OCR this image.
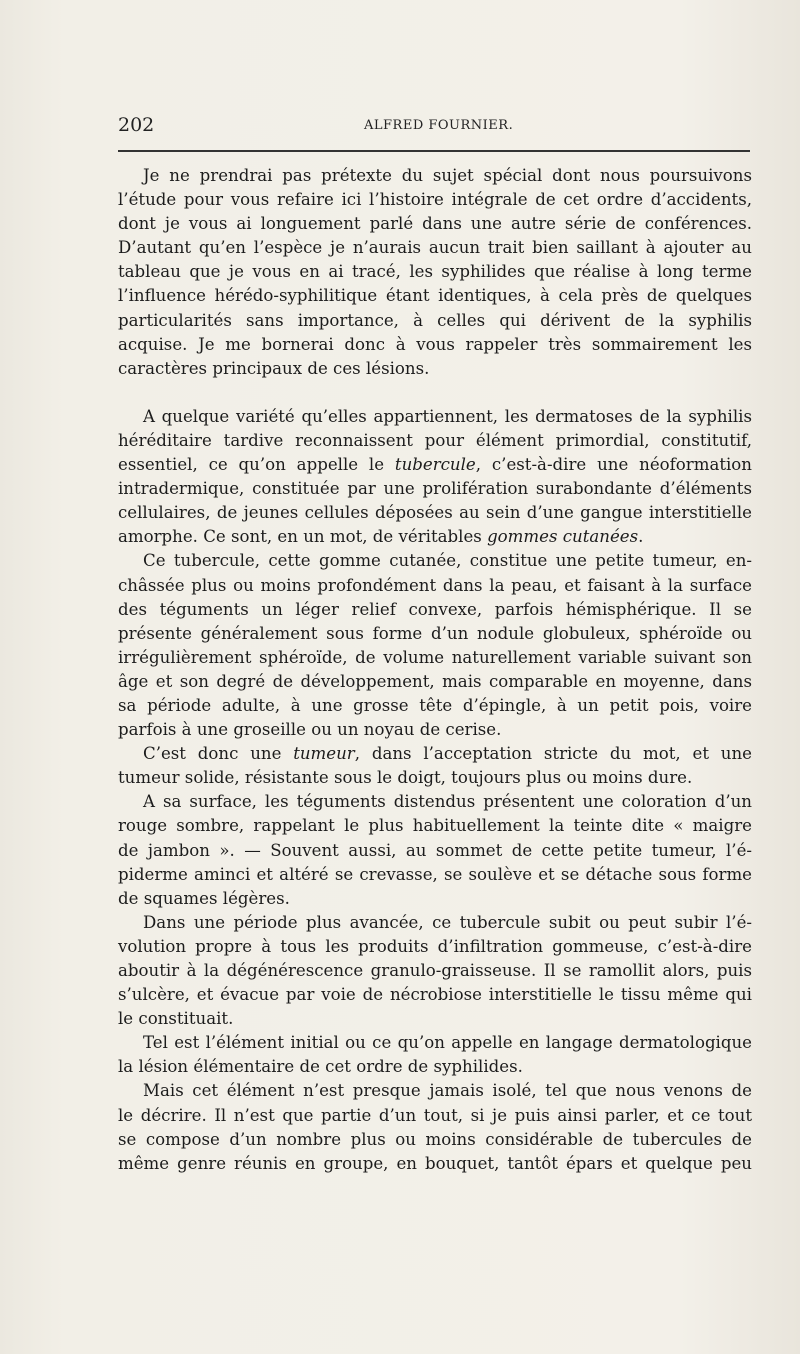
202	ALFRED FOURNIER.
Je ne prendrai pas prétexte du sujet spécial dont nous poursuivons
l’étude pour vous refaire ici l’histoire intégrale de cet ordre d’accidents,
dont je vous ai longuement parlé dans une autre série de conférences.
D’autant qu’en l’espèce je n’aurais aucun trait bien saillant à ajouter au
tableau que je vous en ai tracé, les syphilides que réalise à long terme
l’influence hérédo-syphilitique étant identiques, à cela près de quelques
particularités sans importance, à celles qui dérivent de la syphilis
acquise. Je me bornerai donc à vous rappeler très sommairement les
caractères principaux de ces lésions.
A quelque variété qu’elles appartiennent, les dermatoses de la syphilis
héréditaire tardive reconnaissent pour élément primordial, constitutif,
essentiel, ce qu’on appelle le tubercule, c’est-à-dire une néoformation
intradermique, constituée par une prolifération surabondante d’éléments
cellulaires, de jeunes cellules déposées au sein d’une gangue interstitielle
amorphe. Ce sont, en un mot, de véritables gommes cutanées.
Ce tubercule, cette gomme cutanée, constitue une petite tumeur, en-
châssée plus ou moins profondément dans la peau, et faisant à la surface
des téguments un léger relief convexe, parfois hémisphérique. Il se
présente généralement sous forme d’un nodule globuleux, sphéroïde ou
irrégulièrement sphéroïde, de volume naturellement variable suivant son
âge et son degré de développement, mais comparable en moyenne, dans
sa période adulte, à une grosse tête d’épingle, à un petit pois, voire
parfois à une groseille ou un noyau de cerise.
C’est donc une tumeur, dans l’acceptation stricte du mot, et une
tumeur solide, résistante sous le doigt, toujours plus ou moins dure.
A sa surface, les téguments distendus présentent une coloration d’un
rouge sombre, rappelant le plus habituellement la teinte dite « maigre
de jambon ». — Souvent aussi, au sommet de cette petite tumeur, l’é-
piderme aminci et altéré se crevasse, se soulève et se détache sous forme
de squames légères.
Dans une période plus avancée, ce tubercule subit ou peut subir l’é-
volution propre à tous les produits d’infiltration gommeuse, c’est-à-dire
aboutir à la dégénérescence granulo-graisseuse. Il se ramollit alors, puis
s’ulcère, et évacue par voie de nécrobiose interstitielle le tissu même qui
le constituait.
Tel est l’élément initial ou ce qu’on appelle en langage dermatologique
la lésion élémentaire de cet ordre de syphilides.
Mais cet élément n’est presque jamais isolé, tel que nous venons de
le décrire. Il n’est que partie d’un tout, si je puis ainsi parler, et ce tout
se compose d’un nombre plus ou moins considérable de tubercules de
même genre réunis en groupe, en bouquet, tantôt épars et quelque peu
